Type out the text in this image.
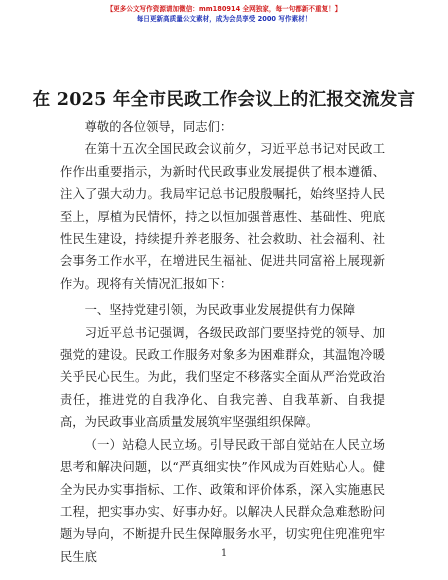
【更多公文写作资源请加微信：mm180914 全网独家，每一句都新不重复！】
每日更新高质量公文素材，成为会员享受 2000 写作素材！
在 2025 年全市民政工作会议上的汇报交流发言

尊敬的各位领导，同志们：

在第十五次全国民政会议前夕，习近平总书记对民政工作作出重要指示，为新时代民政事业发展提供了根本遵循、注入了强大动力。我局牢记总书记殷殷嘱托，始终坚持人民至上，厚植为民情怀，持之以恒加强普惠性、基础性、兜底性民生建设，持续提升养老服务、社会救助、社会福利、社会事务工作水平，在增进民生福祉、促进共同富裕上展现新作为。现将有关情况汇报如下：

一、坚持党建引领，为民政事业发展提供有力保障

习近平总书记强调，各级民政部门要坚持党的领导、加强党的建设。民政工作服务对象多为困难群众，其温饱冷暖关乎民心民生。为此，我们坚定不移落实全面从严治党政治责任，推进党的自我净化、自我完善、自我革新、自我提高，为民政事业高质量发展筑牢坚强组织保障。

（一）站稳人民立场。引导民政干部自觉站在人民立场思考和解决问题，以“严真细实快”作风成为百姓贴心人。健全为民办实事指标、工作、政策和评价体系，深入实施惠民工程，把实事办实、好事办好。以解决人民群众急难愁盼问题为导向，不断提升民生保障服务水平，切实兜住兜准兜牢民生底	1
